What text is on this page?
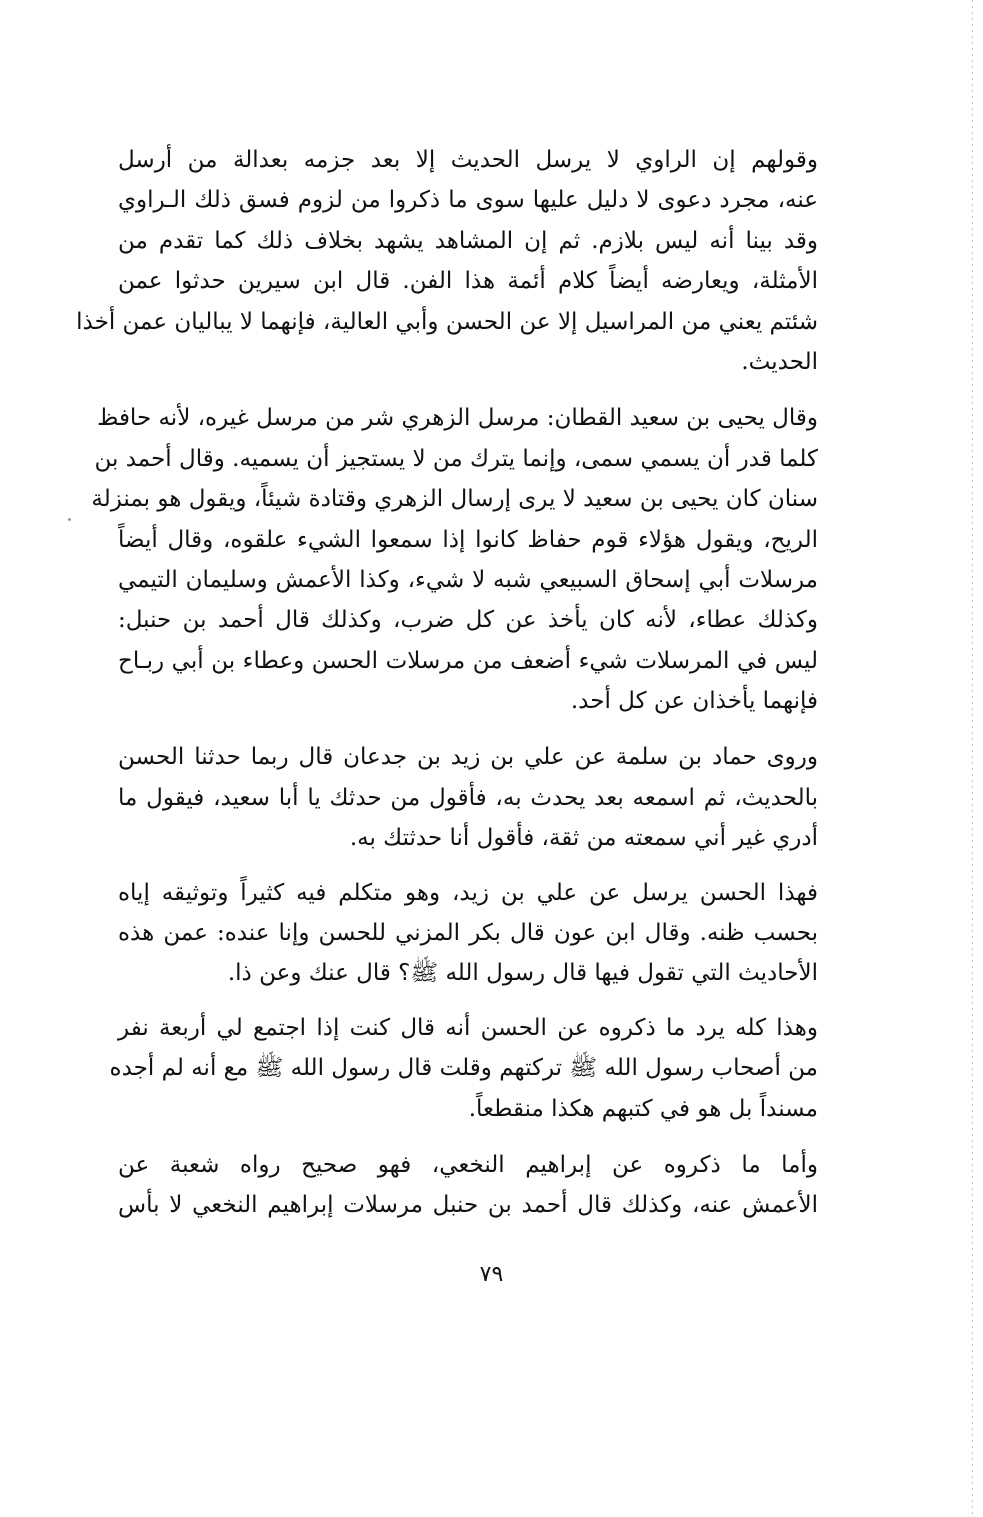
وقولهم إن الراوي لا يرسل الحديث إلا بعد جزمه بعدالة من أرسل
عنه، مجرد دعوى لا دليل عليها سوى ما ذكروا من لزوم فسق ذلك الـراوي
وقد بينا أنه ليس بلازم. ثم إن المشاهد يشهد بخلاف ذلك كما تقدم من
الأمثلة، ويعارضه أيضاً كلام أئمة هذا الفن. قال ابن سيرين حدثوا عمن
شئتم يعني من المراسيل إلا عن الحسن وأبي العالية، فإنهما لا يباليان عمن أخذا
الحديث.

وقال يحيى بن سعيد القطان: مرسل الزهري شر من مرسل غيره، لأنه حافظ
كلما قدر أن يسمي سمى، وإنما يترك من لا يستجيز أن يسميه. وقال أحمد بن
سنان كان يحيى بن سعيد لا يرى إرسال الزهري وقتادة شيئاً، ويقول هو بمنزلة
الريح، ويقول هؤلاء قوم حفاظ كانوا إذا سمعوا الشيء علقوه، وقال أيضاً
مرسلات أبي إسحاق السبيعي شبه لا شيء، وكذا الأعمش وسليمان التيمي
وكذلك عطاء، لأنه كان يأخذ عن كل ضرب، وكذلك قال أحمد بن حنبل:
ليس في المرسلات شيء أضعف من مرسلات الحسن وعطاء بن أبي ربـاح
فإنهما يأخذان عن كل أحد.

وروى حماد بن سلمة عن علي بن زيد بن جدعان قال ربما حدثنا الحسن
بالحديث، ثم اسمعه بعد يحدث به، فأقول من حدثك يا أبا سعيد، فيقول ما
أدري غير أني سمعته من ثقة، فأقول أنا حدثتك به.

فهذا الحسن يرسل عن علي بن زيد، وهو متكلم فيه كثيراً وتوثيقه إياه
بحسب ظنه. وقال ابن عون قال بكر المزني للحسن وإنا عنده: عمن هذه
الأحاديث التي تقول فيها قال رسول الله ﷺ؟ قال عنك وعن ذا.

وهذا كله يرد ما ذكروه عن الحسن أنه قال كنت إذا اجتمع لي أربعة نفر
من أصحاب رسول الله ﷺ تركتهم وقلت قال رسول الله ﷺ مع أنه لم أجده
مسنداً بل هو في كتبهم هكذا منقطعاً.

وأما ما ذكروه عن إبراهيم النخعي، فهو صحيح رواه شعبة عن
الأعمش عنه، وكذلك قال أحمد بن حنبل مرسلات إبراهيم النخعي لا بأس

٧٩
